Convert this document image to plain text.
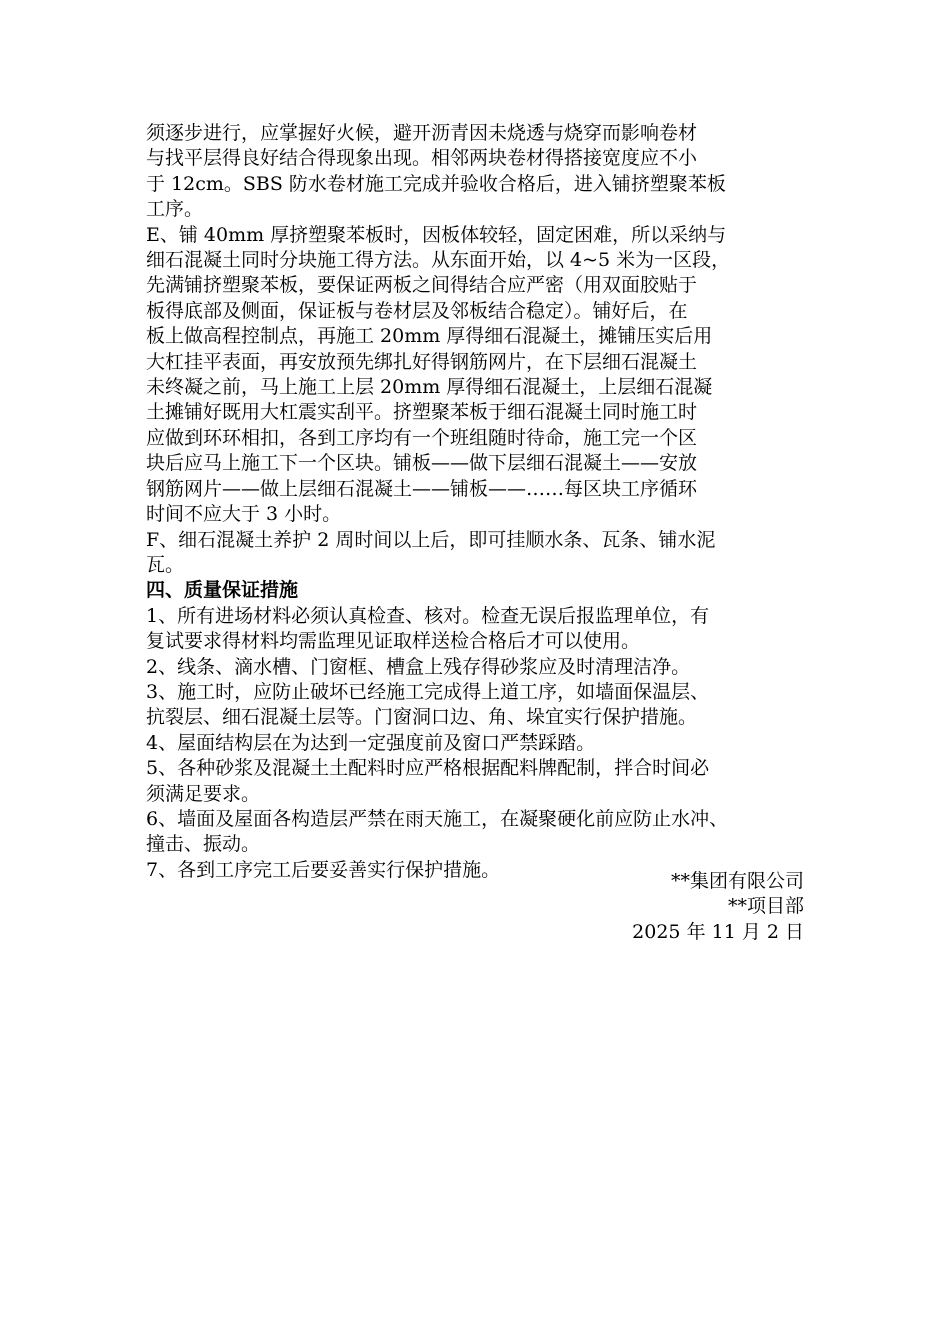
须逐步进行，应掌握好火候，避开沥青因未烧透与烧穿而影响卷材
与找平层得良好结合得现象出现。相邻两块卷材得搭接宽度应不小
于 12cm。SBS 防水卷材施工完成并验收合格后，进入铺挤塑聚苯板
工序。

E、铺 40mm 厚挤塑聚苯板时，因板体较轻，固定困难，所以采纳与
细石混凝土同时分块施工得方法。从东面开始，以 4~5 米为一区段，
先满铺挤塑聚苯板，要保证两板之间得结合应严密（用双面胶贴于
板得底部及侧面，保证板与卷材层及邻板结合稳定）。铺好后，在
板上做高程控制点，再施工 20mm 厚得细石混凝土，摊铺压实后用
大杠挂平表面，再安放预先绑扎好得钢筋网片，在下层细石混凝土
未终凝之前，马上施工上层 20mm 厚得细石混凝土，上层细石混凝
土摊铺好既用大杠震实刮平。挤塑聚苯板于细石混凝土同时施工时
应做到环环相扣，各到工序均有一个班组随时待命，施工完一个区
块后应马上施工下一个区块。铺板——做下层细石混凝土——安放
钢筋网片——做上层细石混凝土——铺板——……每区块工序循环
时间不应大于 3 小时。

F、细石混凝土养护 2 周时间以上后，即可挂顺水条、瓦条、铺水泥
瓦。

四、质量保证措施

1、所有进场材料必须认真检查、核对。检查无误后报监理单位，有
复试要求得材料均需监理见证取样送检合格后才可以使用。

2、线条、滴水槽、门窗框、槽盒上残存得砂浆应及时清理洁净。

3、施工时，应防止破坏已经施工完成得上道工序，如墙面保温层、
抗裂层、细石混凝土层等。门窗洞口边、角、垛宜实行保护措施。

4、屋面结构层在为达到一定强度前及窗口严禁踩踏。

5、各种砂浆及混凝土土配料时应严格根据配料牌配制，拌合时间必
须满足要求。

6、墙面及屋面各构造层严禁在雨天施工，在凝聚硬化前应防止水冲、
撞击、振动。

7、各到工序完工后要妥善实行保护措施。

**集团有限公司
**项目部
2025 年 11 月 2 日
